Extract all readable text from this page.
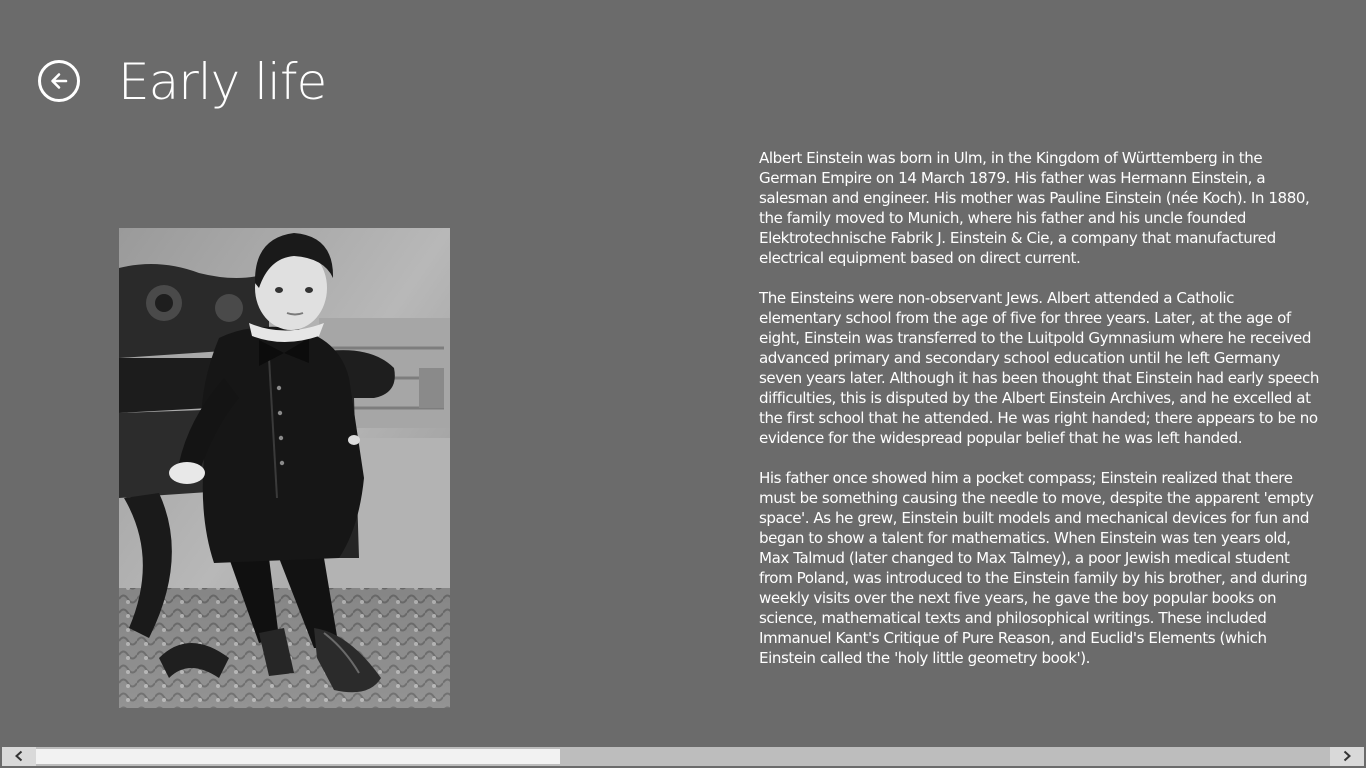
Early life

Albert Einstein was born in Ulm, in the Kingdom of Württemberg in the German Empire on 14 March 1879. His father was Hermann Einstein, a salesman and engineer. His mother was Pauline Einstein (née Koch). In 1880, the family moved to Munich, where his father and his uncle founded Elektrotechnische Fabrik J. Einstein & Cie, a company that manufactured electrical equipment based on direct current.

The Einsteins were non-observant Jews. Albert attended a Catholic elementary school from the age of five for three years. Later, at the age of eight, Einstein was transferred to the Luitpold Gymnasium where he received advanced primary and secondary school education until he left Germany seven years later. Although it has been thought that Einstein had early speech difficulties, this is disputed by the Albert Einstein Archives, and he excelled at the first school that he attended. He was right handed; there appears to be no evidence for the widespread popular belief that he was left handed.

His father once showed him a pocket compass; Einstein realized that there must be something causing the needle to move, despite the apparent 'empty space'. As he grew, Einstein built models and mechanical devices for fun and began to show a talent for mathematics. When Einstein was ten years old, Max Talmud (later changed to Max Talmey), a poor Jewish medical student from Poland, was introduced to the Einstein family by his brother, and during weekly visits over the next five years, he gave the boy popular books on science, mathematical texts and philosophical writings. These included Immanuel Kant's Critique of Pure Reason, and Euclid's Elements (which Einstein called the 'holy little geometry book').
